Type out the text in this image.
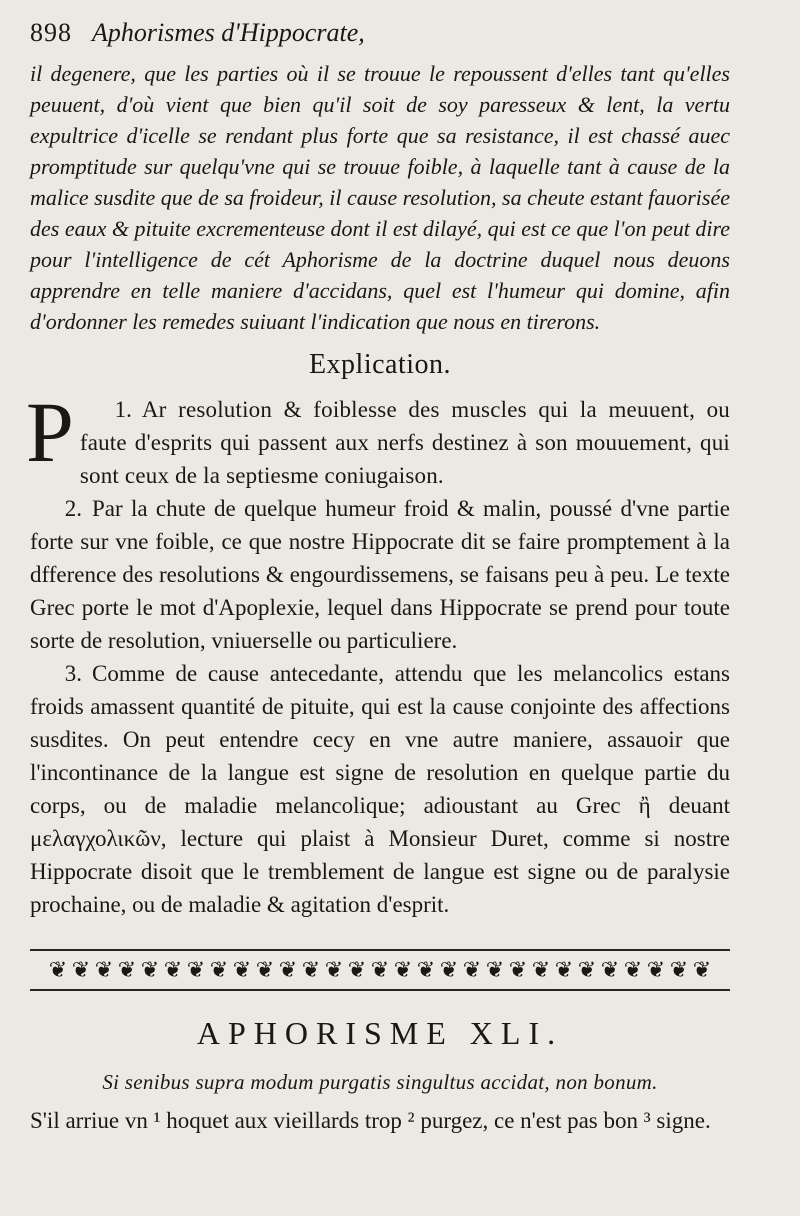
898 Aphorismes d'Hippocrate,

il degenere, que les parties où il se trouue le repoussent d'elles tant qu'elles peuuent, d'où vient que bien qu'il soit de soy paresseux & lent, la vertu expultrice d'icelle se rendant plus forte que sa resistance, il est chassé auec promptitude sur quelqu'vne qui se trouue foible, à laquelle tant à cause de la malice susdite que de sa froideur, il cause resolution, sa cheute estant fauorisée des eaux & pituite excrementeuse dont il est dilayé, qui est ce que l'on peut dire pour l'intelligence de cét Aphorisme de la doctrine duquel nous deuons apprendre en telle maniere d'accidans, quel est l'humeur qui domine, afin d'ordonner les remedes suiuant l'indication que nous en tirerons.

Explication.

1.
P	Ar resolution & foiblesse des muscles qui la meuuent, ou faute d'esprits qui passent aux nerfs destinez à son mouuement, qui sont ceux de la septiesme coniugaison.

2. Par la chute de quelque humeur froid & malin, poussé d'vne partie forte sur vne foible, ce que nostre Hippocrate dit se faire promptement à la dfference des resolutions & engourdissemens, se faisans peu à peu. Le texte Grec porte le mot d'Apoplexie, lequel dans Hippocrate se prend pour toute sorte de resolution, vniuerselle ou particuliere.

3. Comme de cause antecedante, attendu que les melancolics estans froids amassent quantité de pituite, qui est la cause conjointe des affections susdites. On peut entendre cecy en vne autre maniere, assauoir que l'incontinance de la langue est signe de resolution en quelque partie du corps, ou de maladie melancolique; adioustant au Grec ἢ deuant μελαγχολικῶν, lecture qui plaist à Monsieur Duret, comme si nostre Hippocrate disoit que le tremblement de langue est signe ou de paralysie prochaine, ou de maladie & agitation d'esprit.

❦ ❦ ❦ ❦ ❦ ❦ ❦ ❦ ❦ ❦ ❦ ❦ ❦ ❦ ❦ ❦ ❦ ❦ ❦ ❦ ❦ ❦ ❦ ❦ ❦ ❦ ❦ ❦ ❦
APHORISME XLI.
Si senibus supra modum purgatis singultus accidat, non bonum.
S'il arriue vn ¹ hoquet aux vieillards trop ² purgez, ce n'est pas bon ³ signe.
